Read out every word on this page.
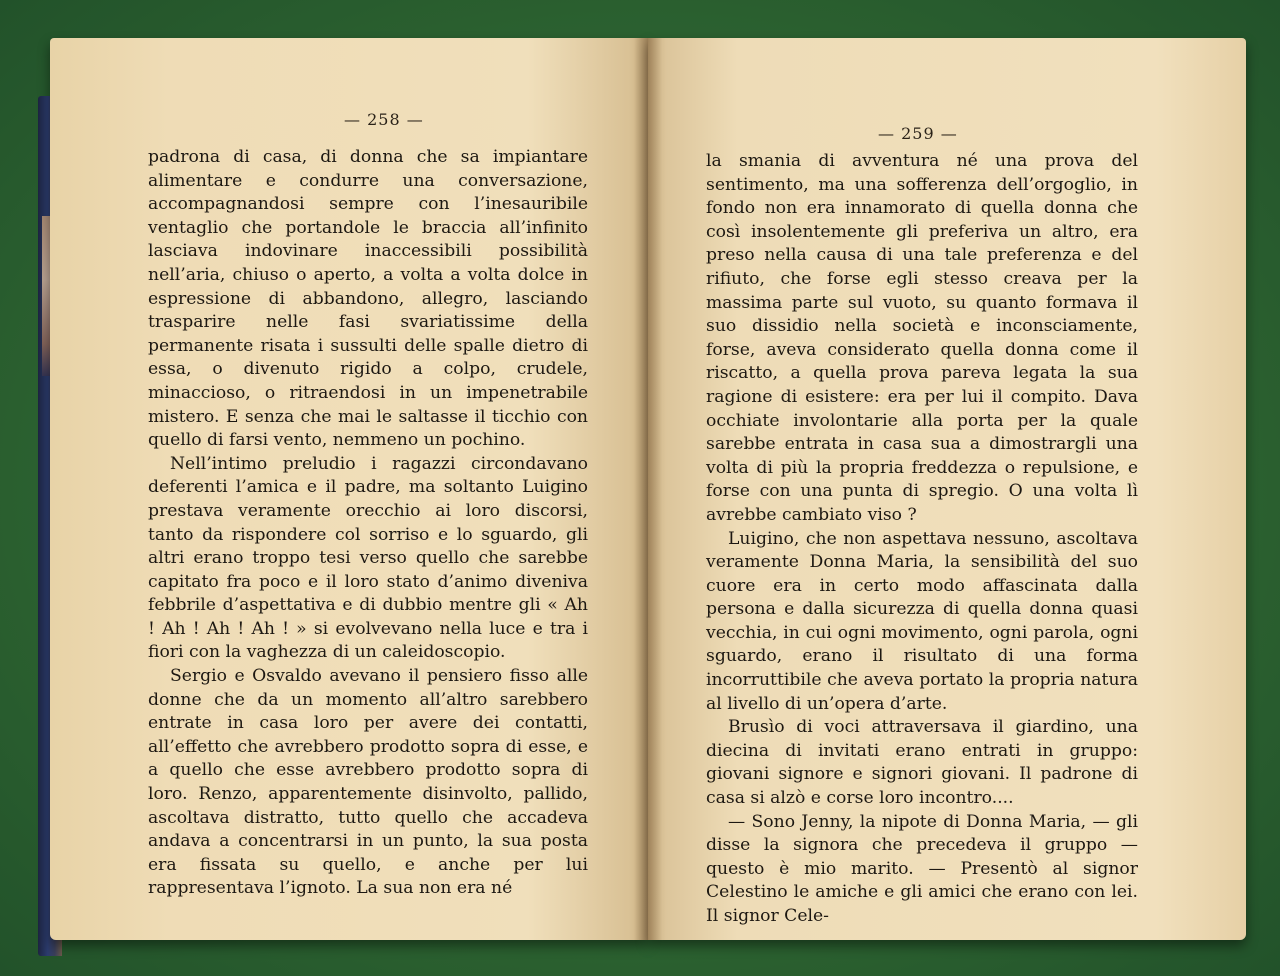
— 258 —

padrona di casa, di donna che sa impiantare alimentare e condurre una conversazione, accompagnandosi sempre con l’inesauribile ventaglio che portandole le braccia all’infinito lasciava indovinare inaccessibili possibilità nell’aria, chiuso o aperto, a volta a volta dolce in espressione di abbandono, allegro, lasciando trasparire nelle fasi svariatissime della permanente risata i sussulti delle spalle dietro di essa, o divenuto rigido a colpo, crudele, minaccioso, o ritraendosi in un impenetrabile mistero. E senza che mai le saltasse il ticchio con quello di farsi vento, nemmeno un pochino.

Nell’intimo preludio i ragazzi circondavano deferenti l’amica e il padre, ma soltanto Luigino prestava veramente orecchio ai loro discorsi, tanto da rispondere col sorriso e lo sguardo, gli altri erano troppo tesi verso quello che sarebbe capitato fra poco e il loro stato d’animo diveniva febbrile d’aspettativa e di dubbio mentre gli « Ah ! Ah ! Ah ! Ah ! » si evolvevano nella luce e tra i fiori con la vaghezza di un caleidoscopio.

Sergio e Osvaldo avevano il pensiero fisso alle donne che da un momento all’altro sarebbero entrate in casa loro per avere dei contatti, all’effetto che avrebbero prodotto sopra di esse, e a quello che esse avrebbero prodotto sopra di loro. Renzo, apparentemente disinvolto, pallido, ascoltava distratto, tutto quello che accadeva andava a concentrarsi in un punto, la sua posta era fissata su quello, e anche per lui rappresentava l’ignoto. La sua non era né

— 259 —

la smania di avventura né una prova del sentimento, ma una sofferenza dell’orgoglio, in fondo non era innamorato di quella donna che così insolentemente gli preferiva un altro, era preso nella causa di una tale preferenza e del rifiuto, che forse egli stesso creava per la massima parte sul vuoto, su quanto formava il suo dissidio nella società e inconsciamente, forse, aveva considerato quella donna come il riscatto, a quella prova pareva legata la sua ragione di esistere: era per lui il compito. Dava occhiate involontarie alla porta per la quale sarebbe entrata in casa sua a dimostrargli una volta di più la propria freddezza o repulsione, e forse con una punta di spregio. O una volta lì avrebbe cambiato viso ?

Luigino, che non aspettava nessuno, ascoltava veramente Donna Maria, la sensibilità del suo cuore era in certo modo affascinata dalla persona e dalla sicurezza di quella donna quasi vecchia, in cui ogni movimento, ogni parola, ogni sguardo, erano il risultato di una forma incorruttibile che aveva portato la propria natura al livello di un’opera d’arte.

Brusìo di voci attraversava il giardino, una diecina di invitati erano entrati in gruppo: giovani signore e signori giovani. Il padrone di casa si alzò e corse loro incontro....

— Sono Jenny, la nipote di Donna Maria, — gli disse la signora che precedeva il gruppo — questo è mio marito. — Presentò al signor Celestino le amiche e gli amici che erano con lei. Il signor Cele-
